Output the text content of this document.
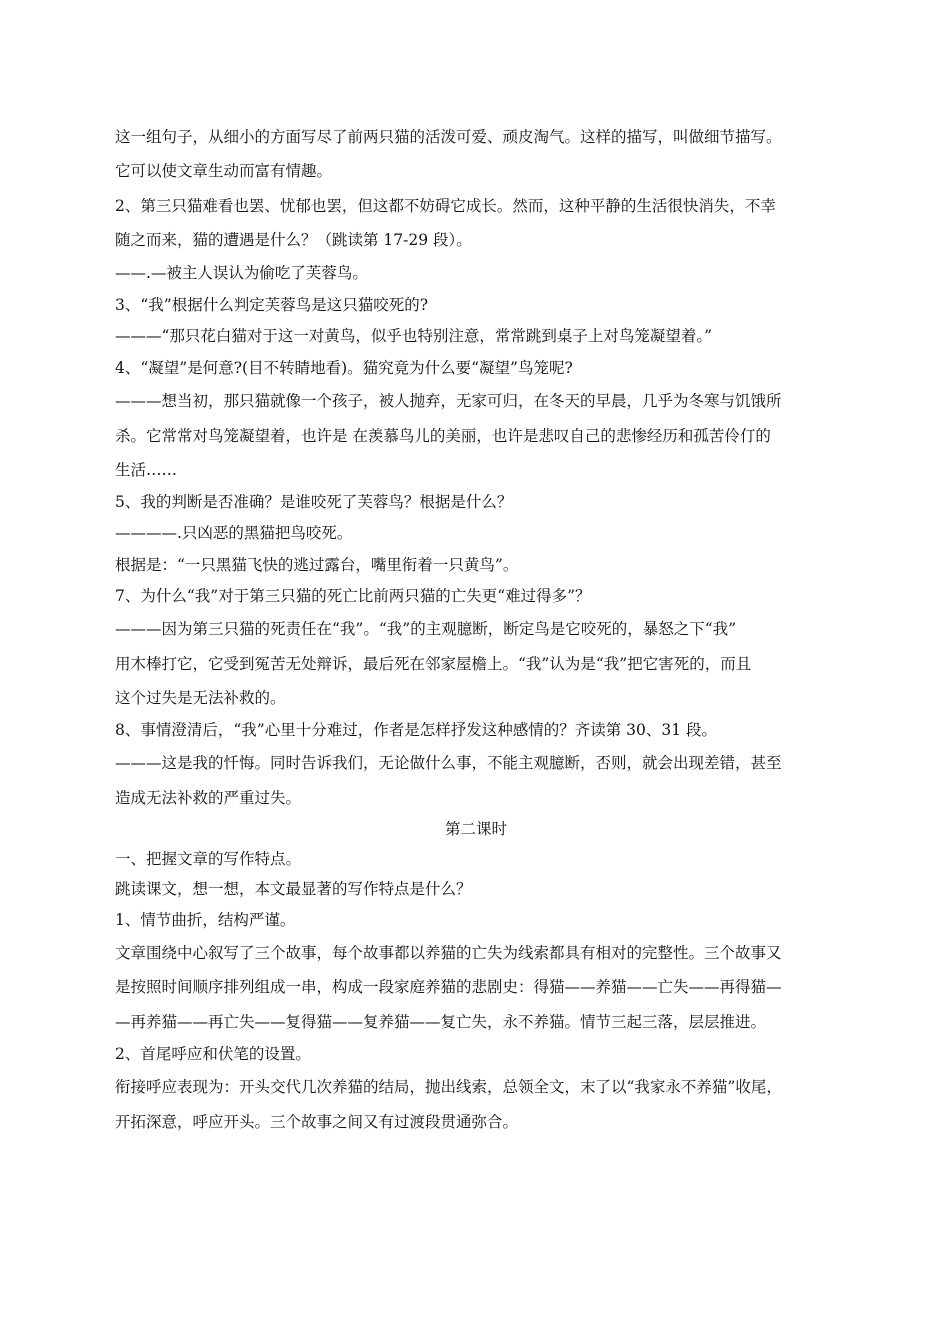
这一组句子，从细小的方面写尽了前两只猫的活泼可爱、顽皮淘气。这样的描写，叫做细节描写。

它可以使文章生动而富有情趣。

2、第三只猫难看也罢、忧郁也罢，但这都不妨碍它成长。然而，这种平静的生活很快消失，不幸

随之而来，猫的遭遇是什么？（跳读第 17-29 段）。

——.—被主人误认为偷吃了芙蓉鸟。

3、“我”根据什么判定芙蓉鸟是这只猫咬死的?

———“那只花白猫对于这一对黄鸟，似乎也特别注意，常常跳到桌子上对鸟笼凝望着。”

4、“凝望”是何意?(目不转睛地看)。猫究竟为什么要“凝望”鸟笼呢?

———想当初，那只猫就像一个孩子，被人抛弃，无家可归，在冬天的早晨，几乎为冬寒与饥饿所

杀。它常常对鸟笼凝望着，也许是 在羡慕鸟儿的美丽，也许是悲叹自己的悲惨经历和孤苦伶仃的

生活……

5、我的判断是否准确？是谁咬死了芙蓉鸟？根据是什么？

————.只凶恶的黑猫把鸟咬死。

根据是：“一只黑猫飞快的逃过露台，嘴里衔着一只黄鸟”。

7、为什么“我”对于第三只猫的死亡比前两只猫的亡失更“难过得多”？

———因为第三只猫的死责任在“我”。“我”的主观臆断，断定鸟是它咬死的，暴怒之下“我”

用木棒打它，它受到冤苦无处辩诉，最后死在邻家屋檐上。“我”认为是“我”把它害死的，而且

这个过失是无法补救的。

8、事情澄清后，“我”心里十分难过，作者是怎样抒发这种感情的？齐读第 30、31 段。

———这是我的忏悔。同时告诉我们，无论做什么事，不能主观臆断，否则，就会出现差错，甚至

造成无法补救的严重过失。

第二课时

一、把握文章的写作特点。

跳读课文，想一想，本文最显著的写作特点是什么？

1、情节曲折，结构严谨。

文章围绕中心叙写了三个故事，每个故事都以养猫的亡失为线索都具有相对的完整性。三个故事又

是按照时间顺序排列组成一串，构成一段家庭养猫的悲剧史：得猫——养猫——亡失——再得猫—

—再养猫——再亡失——复得猫——复养猫——复亡失，永不养猫。情节三起三落，层层推进。

2、首尾呼应和伏笔的设置。

衔接呼应表现为：开头交代几次养猫的结局，抛出线索，总领全文，末了以“我家永不养猫”收尾，

开拓深意，呼应开头。三个故事之间又有过渡段贯通弥合。
